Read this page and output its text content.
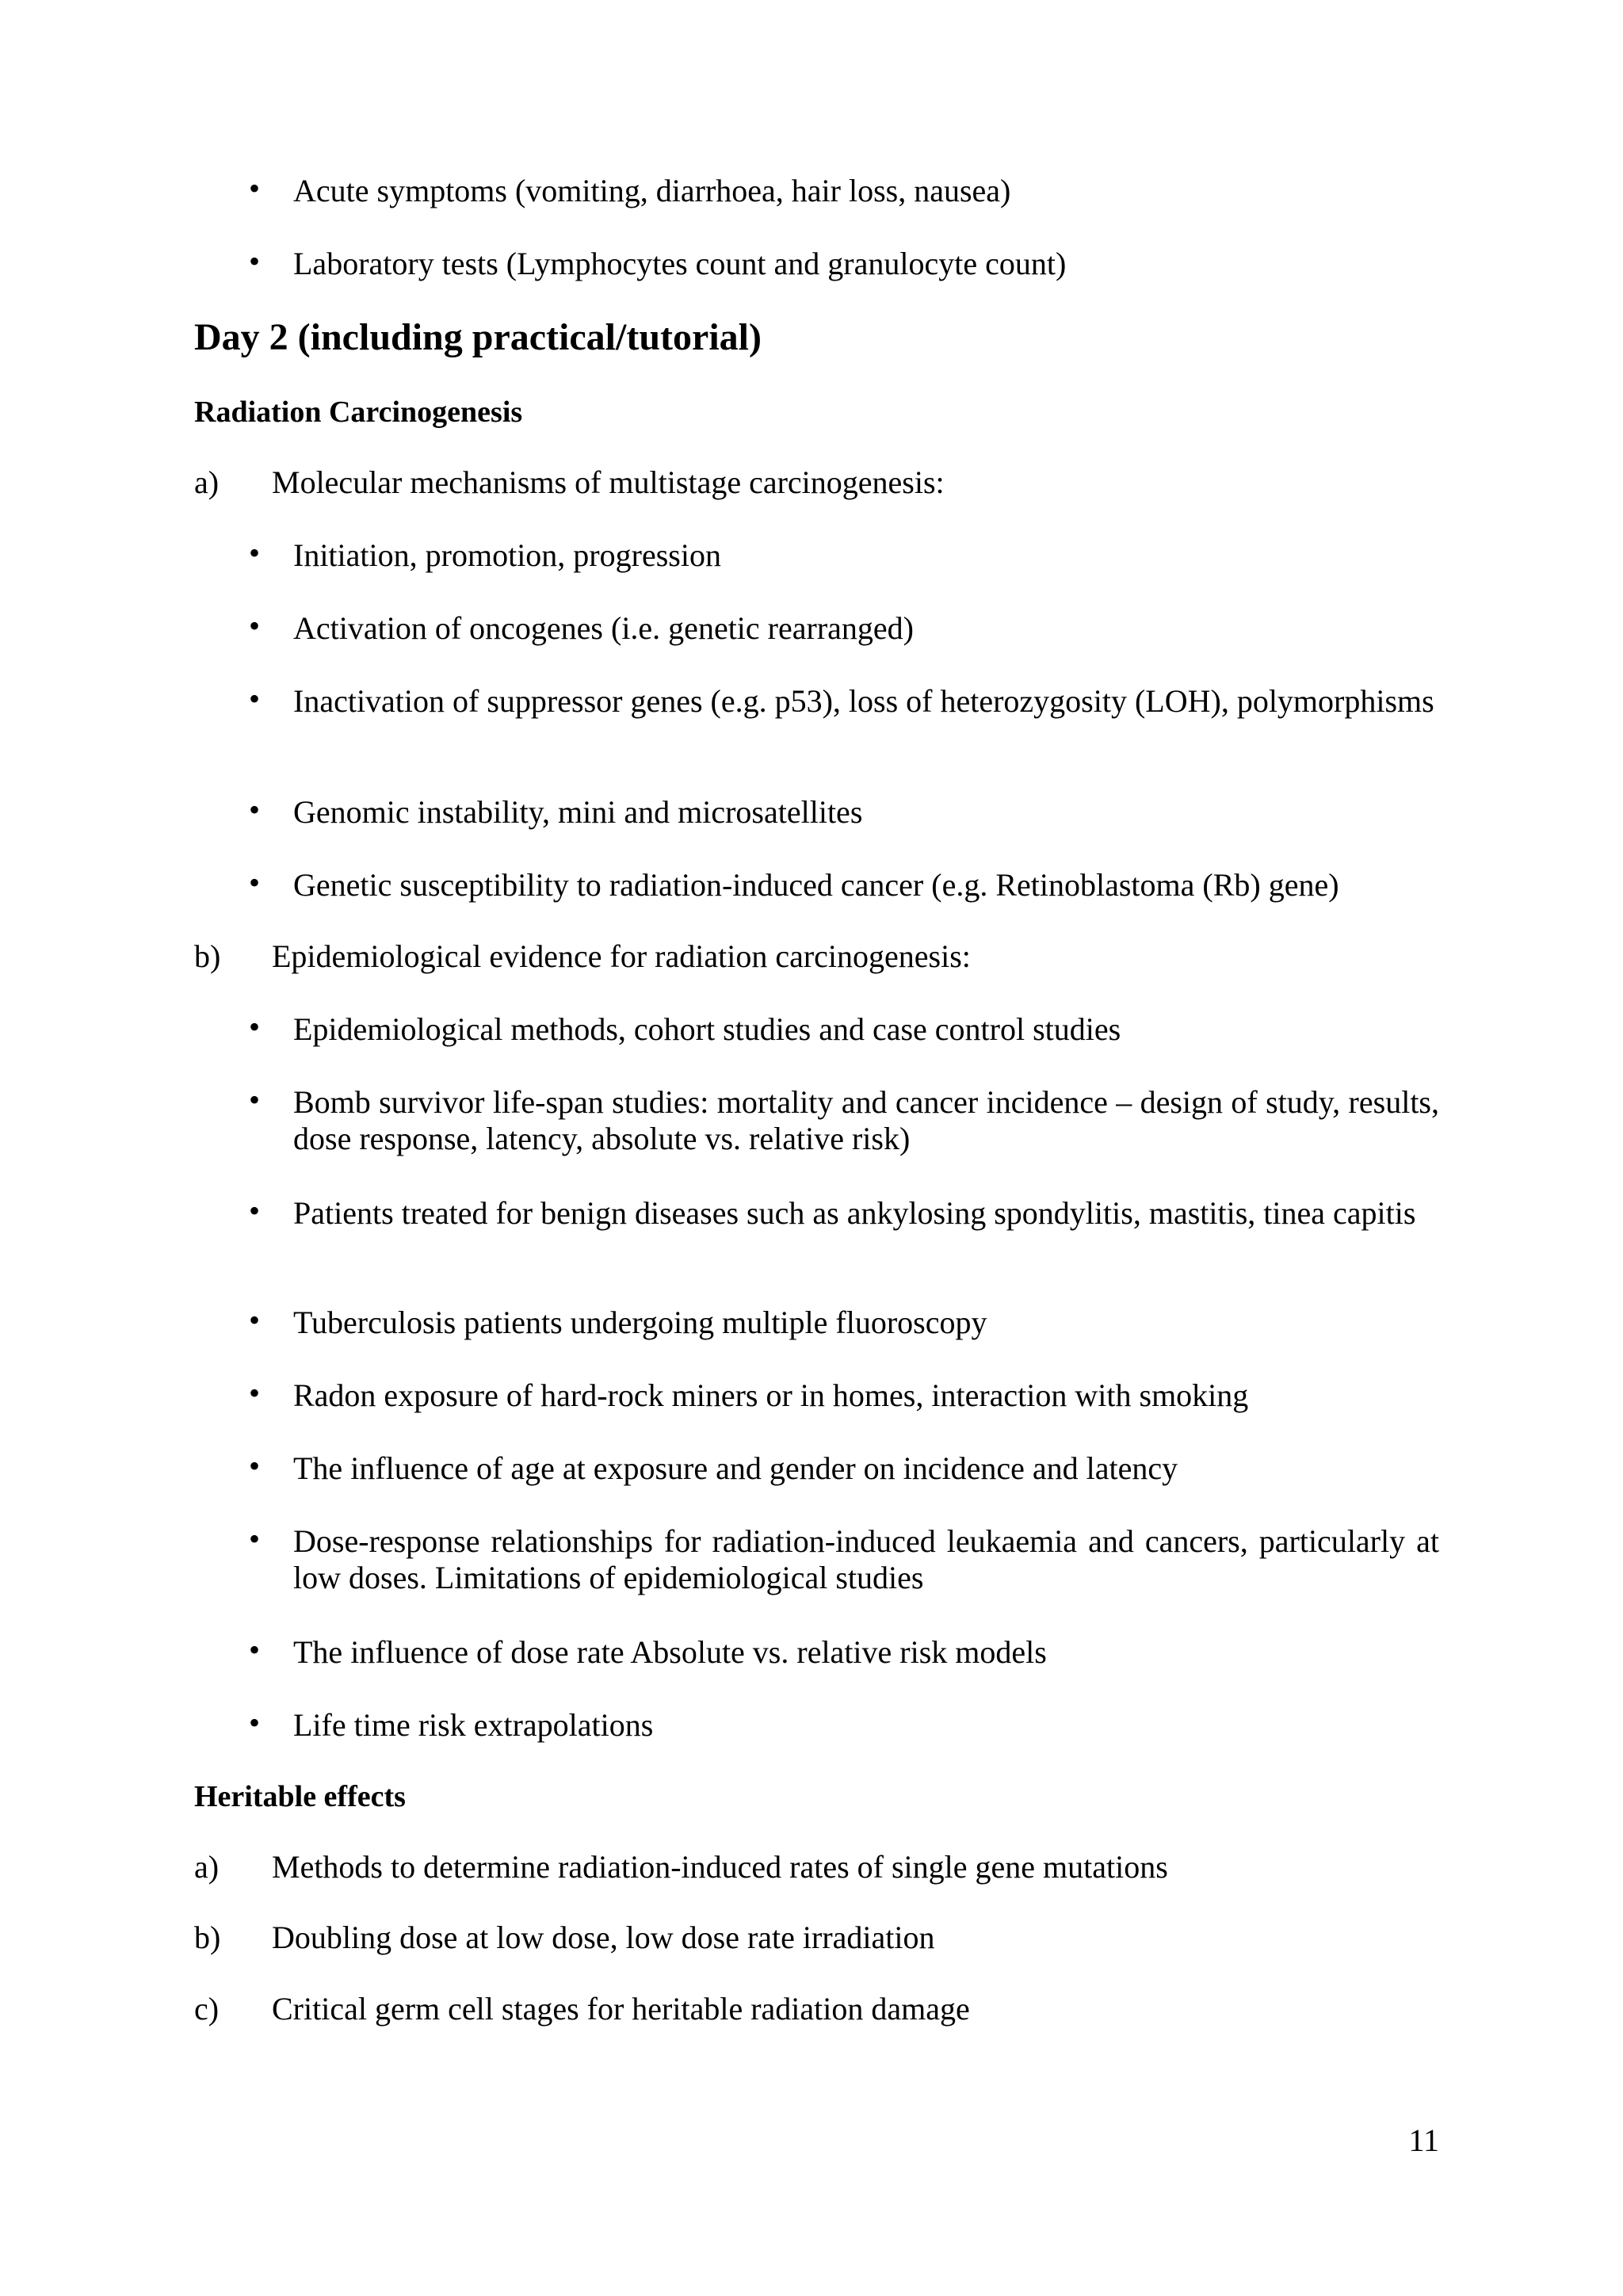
• Acute symptoms (vomiting, diarrhoea, hair loss, nausea)
• Laboratory tests (Lymphocytes count and granulocyte count)
Day 2 (including practical/tutorial)
Radiation Carcinogenesis
a) Molecular mechanisms of multistage carcinogenesis:
• Initiation, promotion, progression
• Activation of oncogenes (i.e. genetic rearranged)
• Inactivation of suppressor genes (e.g. p53), loss of heterozygosity (LOH), polymorphisms
• Genomic instability, mini and microsatellites
• Genetic susceptibility to radiation-induced cancer (e.g. Retinoblastoma (Rb) gene)
b) Epidemiological evidence for radiation carcinogenesis:
• Epidemiological methods, cohort studies and case control studies
• Bomb survivor life-span studies: mortality and cancer incidence – design of study, results, dose response, latency, absolute vs. relative risk)
• Patients treated for benign diseases such as ankylosing spondylitis, mastitis, tinea capitis
• Tuberculosis patients undergoing multiple fluoroscopy
• Radon exposure of hard-rock miners or in homes, interaction with smoking
• The influence of age at exposure and gender on incidence and latency
• Dose-response relationships for radiation-induced leukaemia and cancers, particularly at low doses. Limitations of epidemiological studies
• The influence of dose rate Absolute vs. relative risk models
• Life time risk extrapolations
Heritable effects
a) Methods to determine radiation-induced rates of single gene mutations
b) Doubling dose at low dose, low dose rate irradiation
c) Critical germ cell stages for heritable radiation damage
11
